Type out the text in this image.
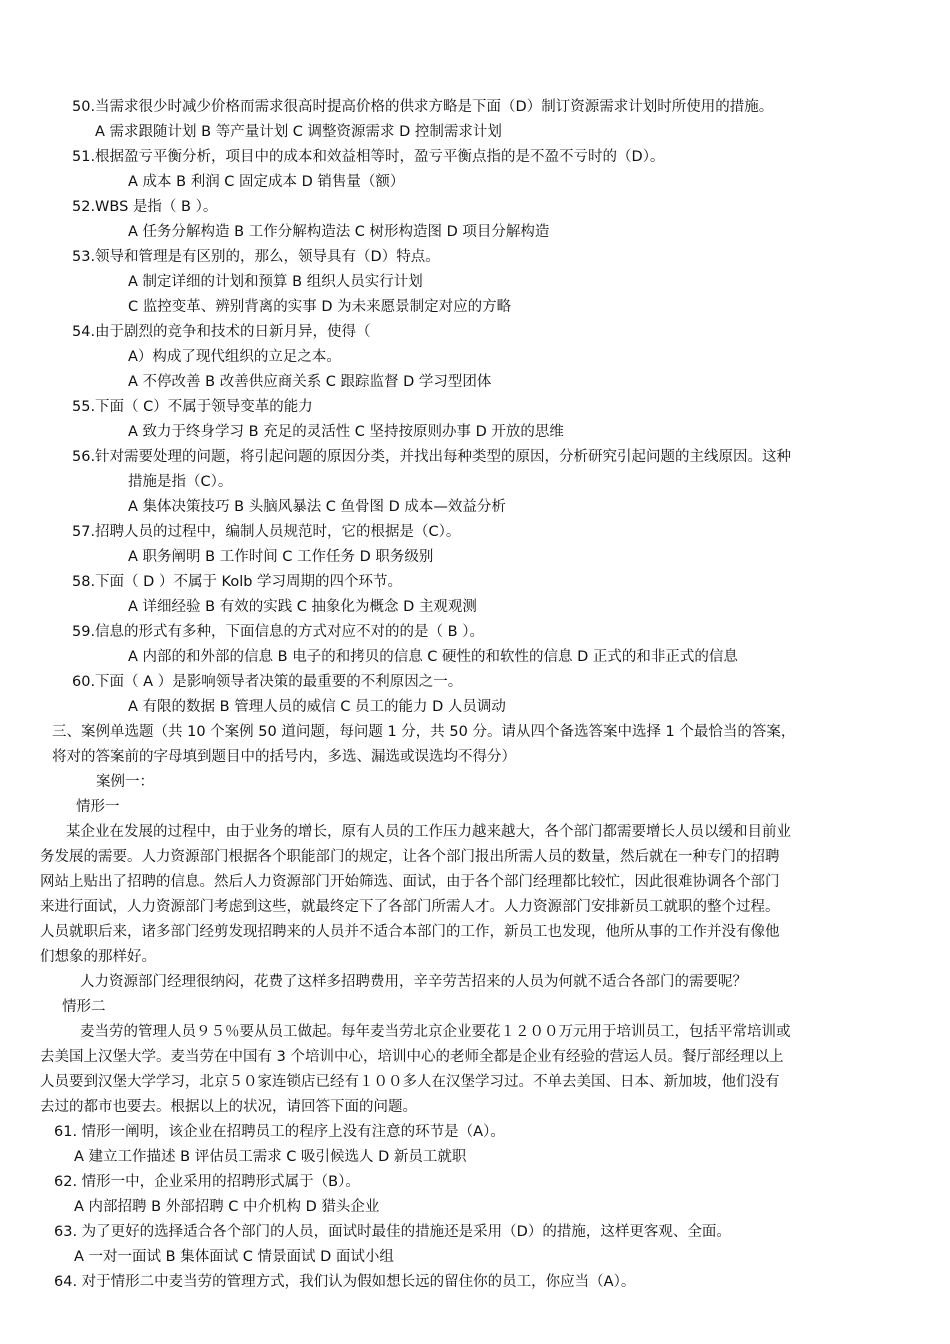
50.当需求很少时减少价格而需求很高时提高价格的供求方略是下面（D）制订资源需求计划时所使用的措施。
A 需求跟随计划 B 等产量计划 C 调整资源需求 D 控制需求计划
51.根据盈亏平衡分析，项目中的成本和效益相等时，盈亏平衡点指的是不盈不亏时的（D）。
A 成本 B 利润 C 固定成本 D 销售量（额）
52.WBS 是指（ B ）。
A 任务分解构造 B 工作分解构造法 C 树形构造图 D 项目分解构造
53.领导和管理是有区别的，那么，领导具有（D）特点。
A 制定详细的计划和预算 B 组织人员实行计划
C 监控变革、辨别背离的实事 D 为未来愿景制定对应的方略
54.由于剧烈的竞争和技术的日新月异，使得（
A）构成了现代组织的立足之本。
A 不停改善 B 改善供应商关系 C 跟踪监督 D 学习型团体
55.下面（ C）不属于领导变革的能力
A 致力于终身学习 B 充足的灵活性 C 坚持按原则办事 D 开放的思维
56.针对需要处理的问题，将引起问题的原因分类，并找出每种类型的原因，分析研究引起问题的主线原因。这种
措施是指（C）。
A 集体决策技巧 B 头脑风暴法 C 鱼骨图 D 成本—效益分析
57.招聘人员的过程中，编制人员规范时，它的根据是（C）。
A 职务阐明 B 工作时间 C 工作任务 D 职务级别
58.下面（ D ）不属于 Kolb 学习周期的四个环节。
A 详细经验 B 有效的实践 C 抽象化为概念 D 主观观测
59.信息的形式有多种，下面信息的方式对应不对的的是（ B ）。
A 内部的和外部的信息 B 电子的和拷贝的信息 C 硬性的和软性的信息 D 正式的和非正式的信息
60.下面（ A ）是影响领导者决策的最重要的不利原因之一。
A 有限的数据 B 管理人员的威信 C 员工的能力 D 人员调动
三、案例单选题（共 10 个案例 50 道问题，每问题 1 分，共 50 分。请从四个备选答案中选择 1 个最恰当的答案，
将对的答案前的字母填到题目中的括号内，多选、漏选或误选均不得分）
案例一：
情形一
某企业在发展的过程中，由于业务的增长，原有人员的工作压力越来越大，各个部门都需要增长人员以缓和目前业
务发展的需要。人力资源部门根据各个职能部门的规定，让各个部门报出所需人员的数量，然后就在一种专门的招聘
网站上贴出了招聘的信息。然后人力资源部门开始筛选、面试，由于各个部门经理都比较忙，因此很难协调各个部门
来进行面试，人力资源部门考虑到这些，就最终定下了各部门所需人才。人力资源部门安排新员工就职的整个过程。
人员就职后来，诸多部门经剪发现招聘来的人员并不适合本部门的工作，新员工也发现，他所从事的工作并没有像他
们想象的那样好。
人力资源部门经理很纳闷，花费了这样多招聘费用，辛辛劳苦招来的人员为何就不适合各部门的需要呢？
情形二
麦当劳的管理人员９５％要从员工做起。每年麦当劳北京企业要花１２００万元用于培训员工，包括平常培训或
去美国上汉堡大学。麦当劳在中国有 3 个培训中心，培训中心的老师全都是企业有经验的营运人员。餐厅部经理以上
人员要到汉堡大学学习，北京５０家连锁店已经有１００多人在汉堡学习过。不单去美国、日本、新加坡，他们没有
去过的都市也要去。根据以上的状况，请回答下面的问题。
61. 情形一阐明，该企业在招聘员工的程序上没有注意的环节是（A）。
A 建立工作描述 B 评估员工需求 C 吸引候选人 D 新员工就职
62. 情形一中，企业采用的招聘形式属于（B）。
A 内部招聘 B 外部招聘 C 中介机构 D 猎头企业
63. 为了更好的选择适合各个部门的人员，面试时最佳的措施还是采用（D）的措施，这样更客观、全面。
A 一对一面试 B 集体面试 C 情景面试 D 面试小组
64. 对于情形二中麦当劳的管理方式，我们认为假如想长远的留住你的员工，你应当（A）。
